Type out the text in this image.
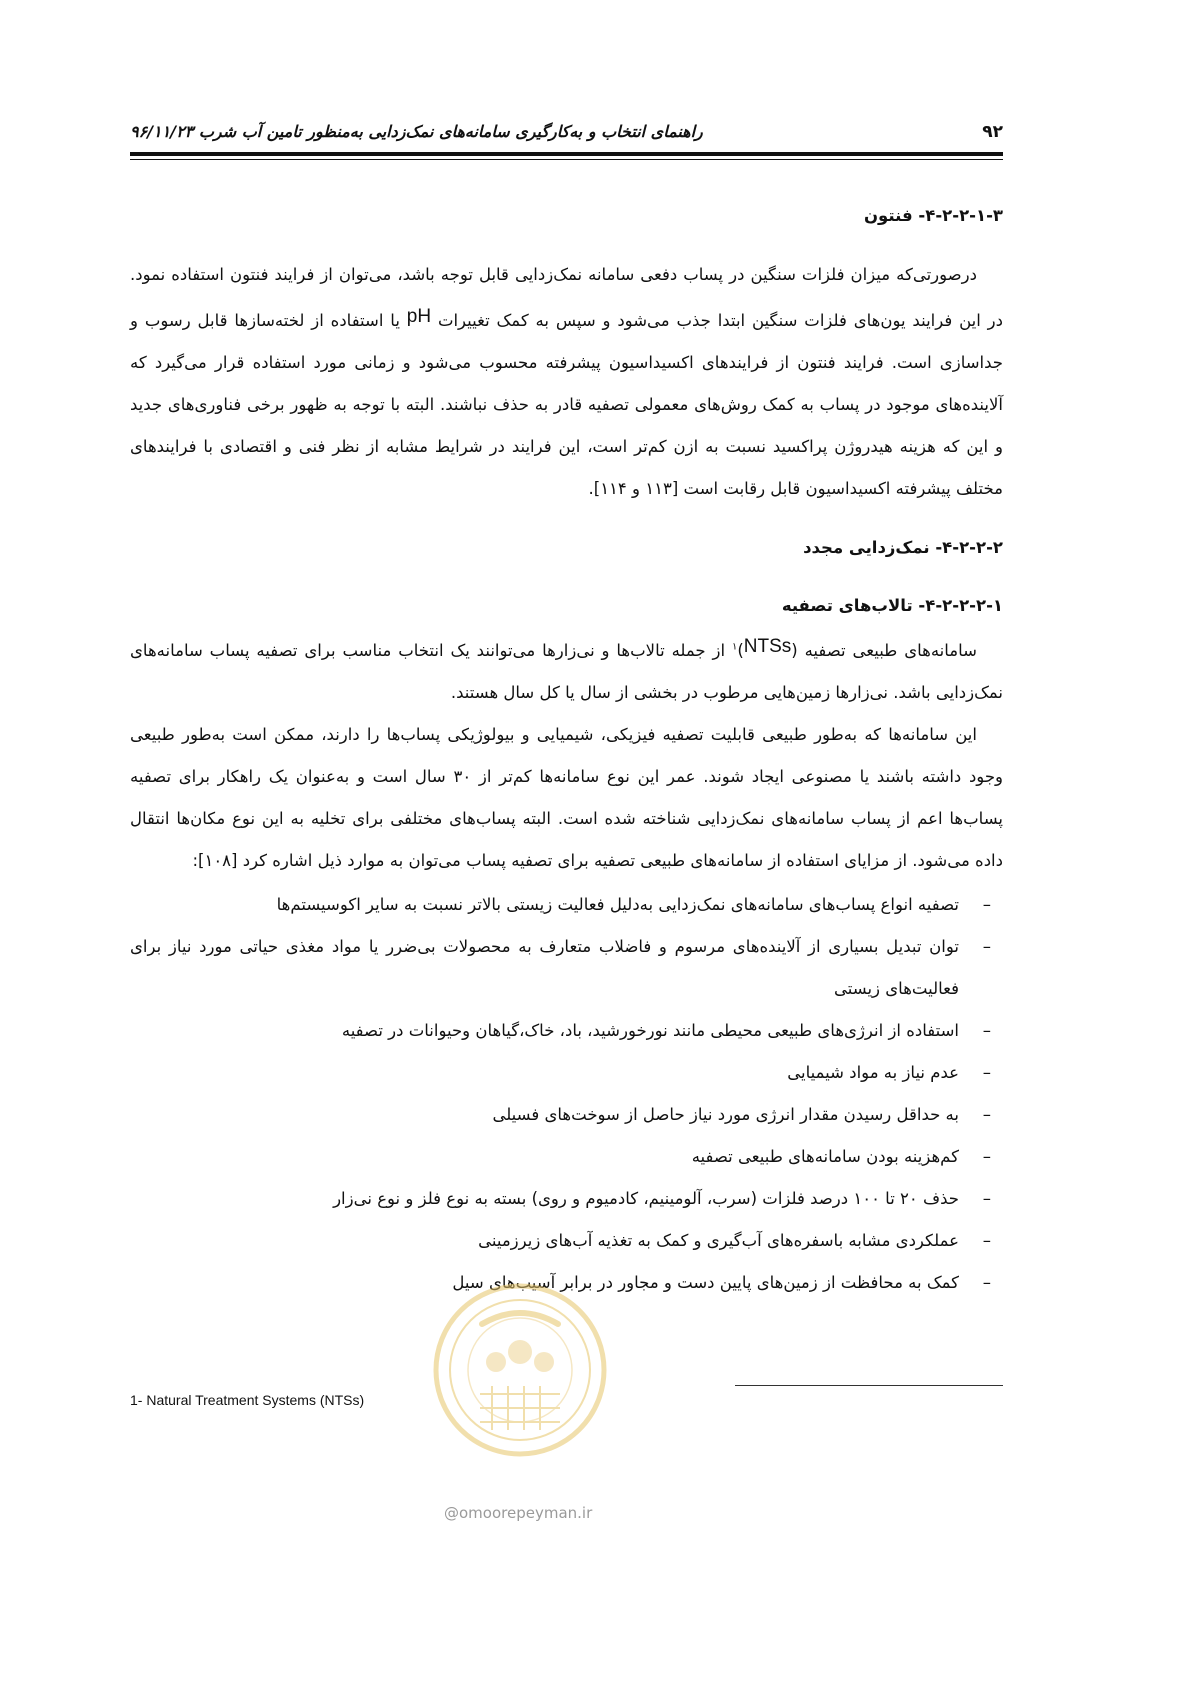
۹۲
راهنمای انتخاب و به‌کارگیری سامانه‌های نمک‌زدایی به‌منظور تامین آب شرب ۹۶/۱۱/۲۳

۴-۲-۲-۱-۳- فنتون

درصورتی‌که میزان فلزات سنگین در پساب دفعی سامانه نمک‌زدایی قابل توجه باشد، می‌توان از فرایند فنتون استفاده نمود. در این فرایند یون‌های فلزات سنگین ابتدا جذب می‌شود و سپس به کمک تغییرات pH یا استفاده از لخته‌سازها قابل رسوب و جداسازی است. فرایند فنتون از فرایندهای اکسیداسیون پیشرفته محسوب می‌شود و زمانی مورد استفاده قرار می‌گیرد که آلاینده‌های موجود در پساب به کمک روش‌های معمولی تصفیه قادر به حذف نباشند. البته با توجه به ظهور برخی فناوری‌های جدید و این که هزینه هیدروژن پراکسید نسبت به ازن کم‌تر است، این فرایند در شرایط مشابه از نظر فنی و اقتصادی با فرایندهای مختلف پیشرفته اکسیداسیون قابل رقابت است [۱۱۳ و ۱۱۴].

۴-۲-۲-۲- نمک‌زدایی مجدد

۴-۲-۲-۲-۱- تالاب‌های تصفیه

سامانه‌های طبیعی تصفیه (NTSs)$^۱$ از جمله تالاب‌ها و نی‌زارها می‌توانند یک انتخاب مناسب برای تصفیه پساب سامانه‌های نمک‌زدایی باشد. نی‌زارها زمین‌هایی مرطوب در بخشی از سال یا کل سال هستند.

این سامانه‌ها که به‌طور طبیعی قابلیت تصفیه فیزیکی، شیمیایی و بیولوژیکی پساب‌ها را دارند، ممکن است به‌طور طبیعی وجود داشته باشند یا مصنوعی ایجاد شوند. عمر این نوع سامانه‌ها کم‌تر از ۳۰ سال است و به‌عنوان یک راهکار برای تصفیه پساب‌ها اعم از پساب سامانه‌های نمک‌زدایی شناخته شده است. البته پساب‌های مختلفی برای تخلیه به این نوع مکان‌ها انتقال داده می‌شود. از مزایای استفاده از سامانه‌های طبیعی تصفیه برای تصفیه پساب می‌توان به موارد ذیل اشاره کرد [۱۰۸]:

–
تصفیه انواع پساب‌های سامانه‌های نمک‌زدایی به‌دلیل فعالیت زیستی بالاتر نسبت به سایر اکوسیستم‌ها
–
توان تبدیل بسیاری از آلاینده‌های مرسوم و فاضلاب متعارف به محصولات بی‌ضرر یا مواد مغذی حیاتی مورد نیاز برای فعالیت‌های زیستی
–
استفاده از انرژی‌های طبیعی محیطی مانند نورخورشید، باد، خاک،گیاهان وحیوانات در تصفیه
–
عدم نیاز به مواد شیمیایی
–
به حداقل رسیدن مقدار انرژی مورد نیاز حاصل از سوخت‌های فسیلی
–
کم‌هزینه بودن سامانه‌های طبیعی تصفیه
–
حذف ۲۰ تا ۱۰۰ درصد فلزات (سرب، آلومینیم، کادمیوم و روی) بسته به نوع فلز و نوع نی‌زار
–
عملکردی مشابه باسفره‌های آب‌گیری و کمک به تغذیه آب‌های زیرزمینی
–
کمک به محافظت از زمین‌های پایین دست و مجاور در برابر آسیب‌های سیل
@omoorepeyman.ir
1- Natural Treatment Systems (NTSs)
